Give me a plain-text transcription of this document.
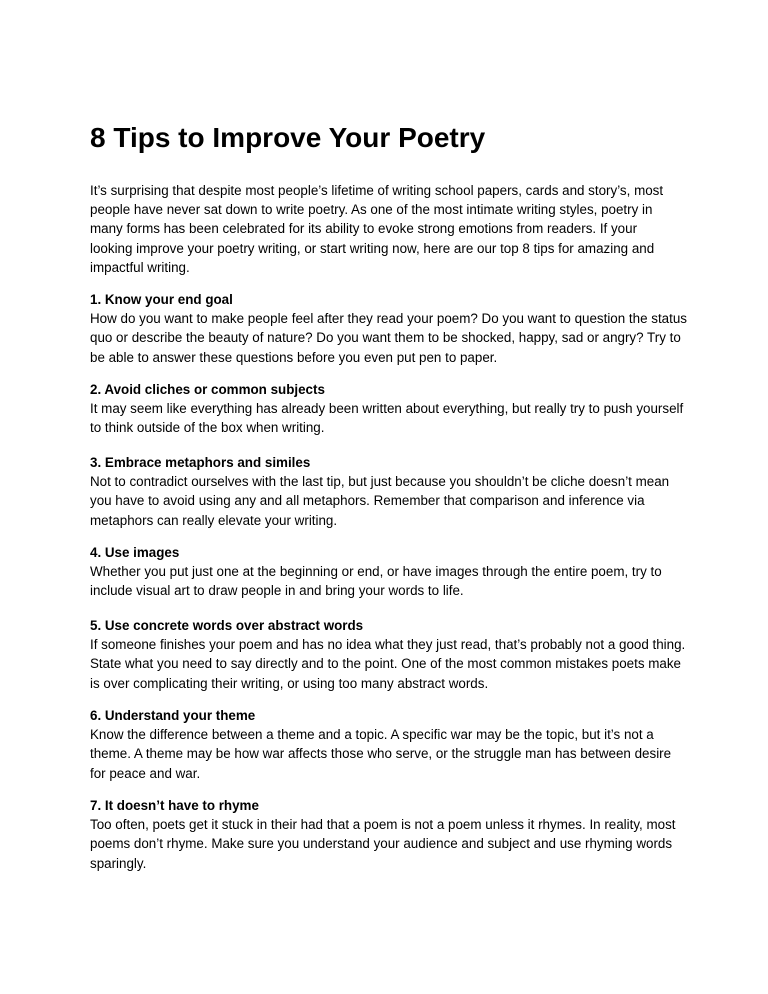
8 Tips to Improve Your Poetry

It’s surprising that despite most people’s lifetime of writing school papers, cards and story’s, most people have never sat down to write poetry. As one of the most intimate writing styles, poetry in many forms has been celebrated for its ability to evoke strong emotions from readers. If your looking improve your poetry writing, or start writing now, here are our top 8 tips for amazing and impactful writing.

1. Know your end goal

How do you want to make people feel after they read your poem? Do you want to question the status quo or describe the beauty of nature? Do you want them to be shocked, happy, sad or angry? Try to be able to answer these questions before you even put pen to paper.

2. Avoid cliches or common subjects

It may seem like everything has already been written about everything, but really try to push yourself to think outside of the box when writing.

3. Embrace metaphors and similes

Not to contradict ourselves with the last tip, but just because you shouldn’t be cliche doesn’t mean you have to avoid using any and all metaphors. Remember that comparison and inference via metaphors can really elevate your writing.

4. Use images

Whether you put just one at the beginning or end, or have images through the entire poem, try to include visual art to draw people in and bring your words to life.

5. Use concrete words over abstract words

If someone finishes your poem and has no idea what they just read, that’s probably not a good thing. State what you need to say directly and to the point. One of the most common mistakes poets make is over complicating their writing, or using too many abstract words.

6. Understand your theme

Know the difference between a theme and a topic. A specific war may be the topic, but it’s not a theme. A theme may be how war affects those who serve, or the struggle man has between desire for peace and war.

7. It doesn’t have to rhyme

Too often, poets get it stuck in their had that a poem is not a poem unless it rhymes. In reality, most poems don’t rhyme. Make sure you understand your audience and subject and use rhyming words sparingly.
